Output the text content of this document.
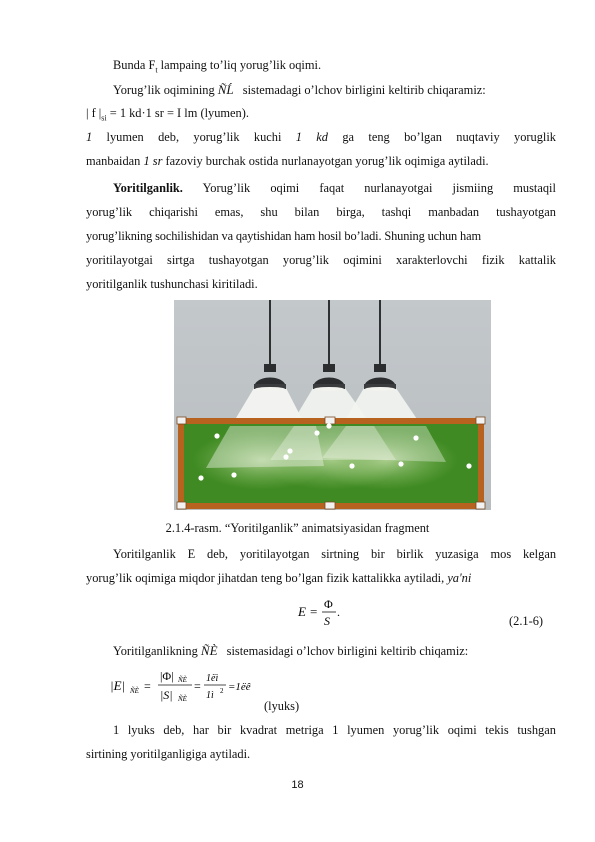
Bunda $F_t$ lampaing to’liq yorug’lik oqimi.
Yorug’lik oqimining ÑĹ sistemadagi o’lchov birligini keltirib chiqaramiz:
| f $|_{si} = 1$ kd·1 sr = I lm (lyumen).
1 lyumen deb, yorug’lik kuchi 1 kd ga teng bo’lgan nuqtaviy yoruglik
manbaidan 1 sr fazoviy burchak ostida nurlanayotgan yorug’lik oqimiga aytiladi.
Yoritilganlik. Yorug’lik oqimi faqat nurlanayotgai jismiing mustaqil
yorug’lik chiqarishi emas, shu bilan birga, tashqi manbadan tushayotgan
yorug’likning sochilishidan va qaytishidan ham hosil bo’ladi. Shuning uchun ham
yoritilayotgai sirtga tushayotgan yorug’lik oqimini xarakterlovchi fizik kattalik
yoritilganlik tushunchasi kiritiladi.
2.1.4-rasm. “Yoritilganlik” animatsiyasidan fragment
Yoritilganlik E deb, yoritilayotgan sirtning bir birlik yuzasiga mos kelgan
yorug’lik oqimiga miqdor jihatdan teng bo’lgan fizik kattalikka aytiladi, ya'ni
E = Φ
S
.
(2.1-6)
Yoritilganlikning ÑÈ sistemasidagi o’lchov birligini keltirib chiqamiz:
|E| ÑÈ =
|Φ| ÑÈ
|S| ÑÈ
=
1ëì
1ì 2 =1ëê
(lyuks)
1 lyuks deb, har bir kvadrat metriga 1 lyumen yorug’lik oqimi tekis tushgan
sirtining yoritilganligiga aytiladi.
18
